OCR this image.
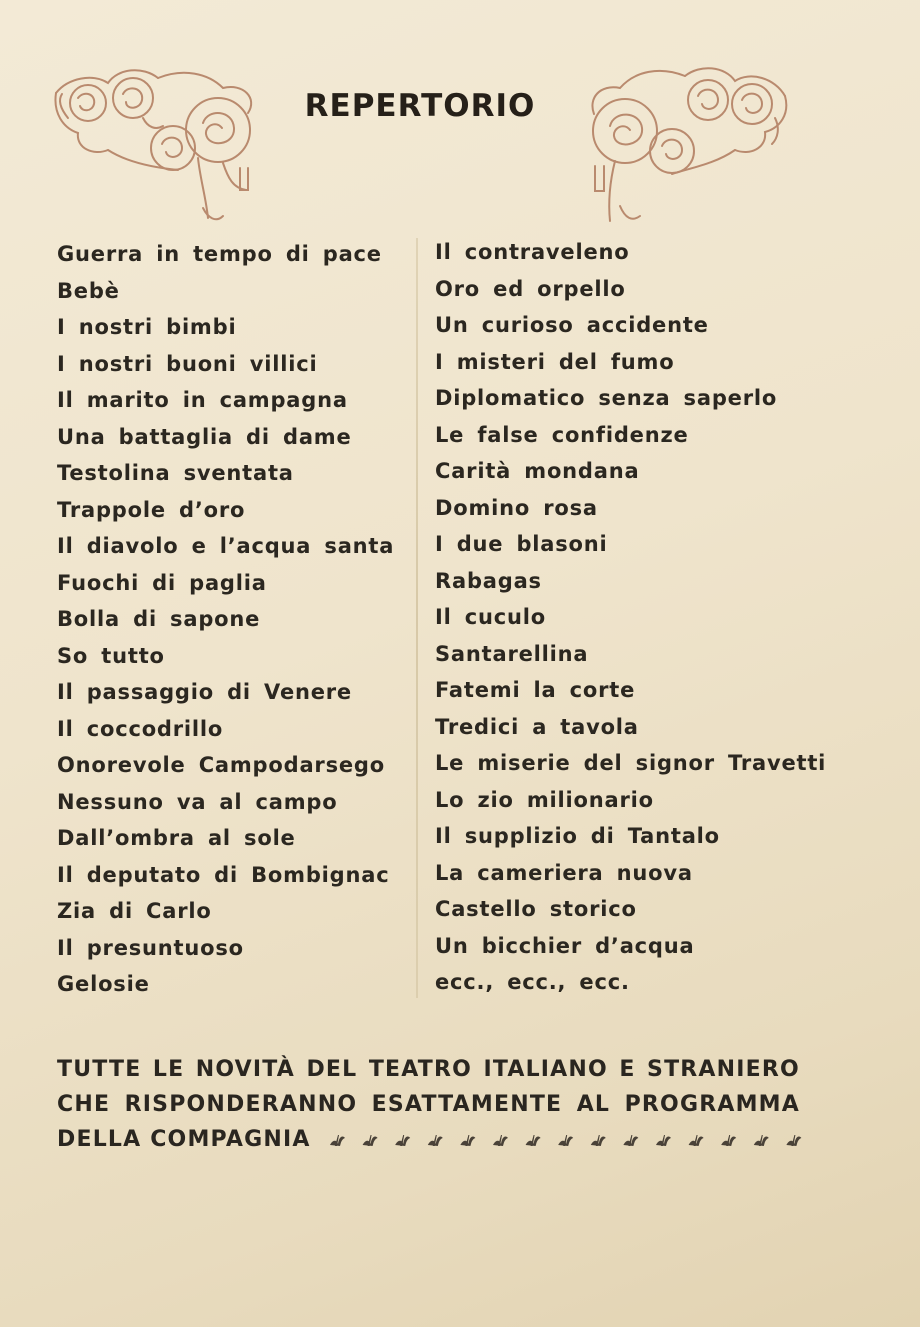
REPERTORIO
Guerra in tempo di pace
Bebè
I nostri bimbi
I nostri buoni villici
Il marito in campagna
Una battaglia di dame
Testolina sventata
Trappole d’oro
Il diavolo e l’acqua santa
Fuochi di paglia
Bolla di sapone
So tutto
Il passaggio di Venere
Il coccodrillo
Onorevole Campodarsego
Nessuno va al campo
Dall’ombra al sole
Il deputato di Bombignac
Zia di Carlo
Il presuntuoso
Gelosie
Il contraveleno
Oro ed orpello
Un curioso accidente
I misteri del fumo
Diplomatico senza saperlo
Le false confidenze
Carità mondana
Domino rosa
I due blasoni
Rabagas
Il cuculo
Santarellina
Fatemi la corte
Tredici a tavola
Le miserie del signor Travetti
Lo zio milionario
Il supplizio di Tantalo
La cameriera nuova
Castello storico
Un bicchier d’acqua
ecc., ecc., ecc.
TUTTE LE NOVITÀ DEL TEATRO ITALIANO E STRANIERO
CHE RISPONDERANNO ESATTAMENTE AL PROGRAMMA
DELLA COMPAGNIA
